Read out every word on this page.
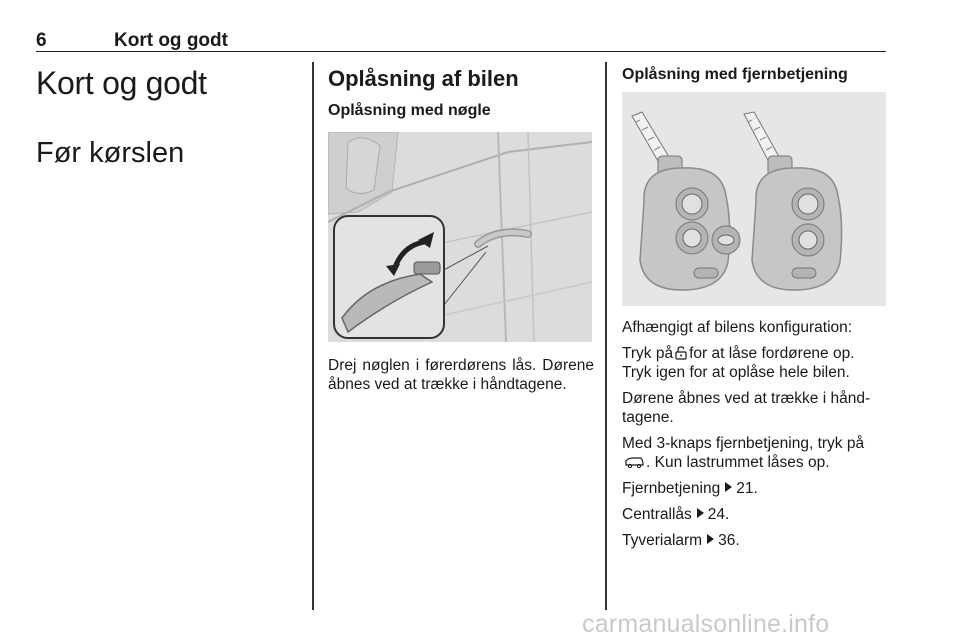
6	Kort og godt
Kort og godt
Før kørslen
Oplåsning af bilen
Oplåsning med nøgle
Drej nøglen i førerdørens lås. Dørene åbnes ved at trække i håndtagene.
Oplåsning med fjernbetjening

Afhængigt af bilens konfiguration:

Tryk på for at låse fordørene op. Tryk igen for at oplåse hele bilen.

Dørene åbnes ved at trække i hånd-tagene.

Med 3-knaps fjernbetjening, tryk på . Kun lastrummet låses op.

Fjernbetjening 21.

Centrallås 24.

Tyverialarm 36.

carmanualsonline.info
